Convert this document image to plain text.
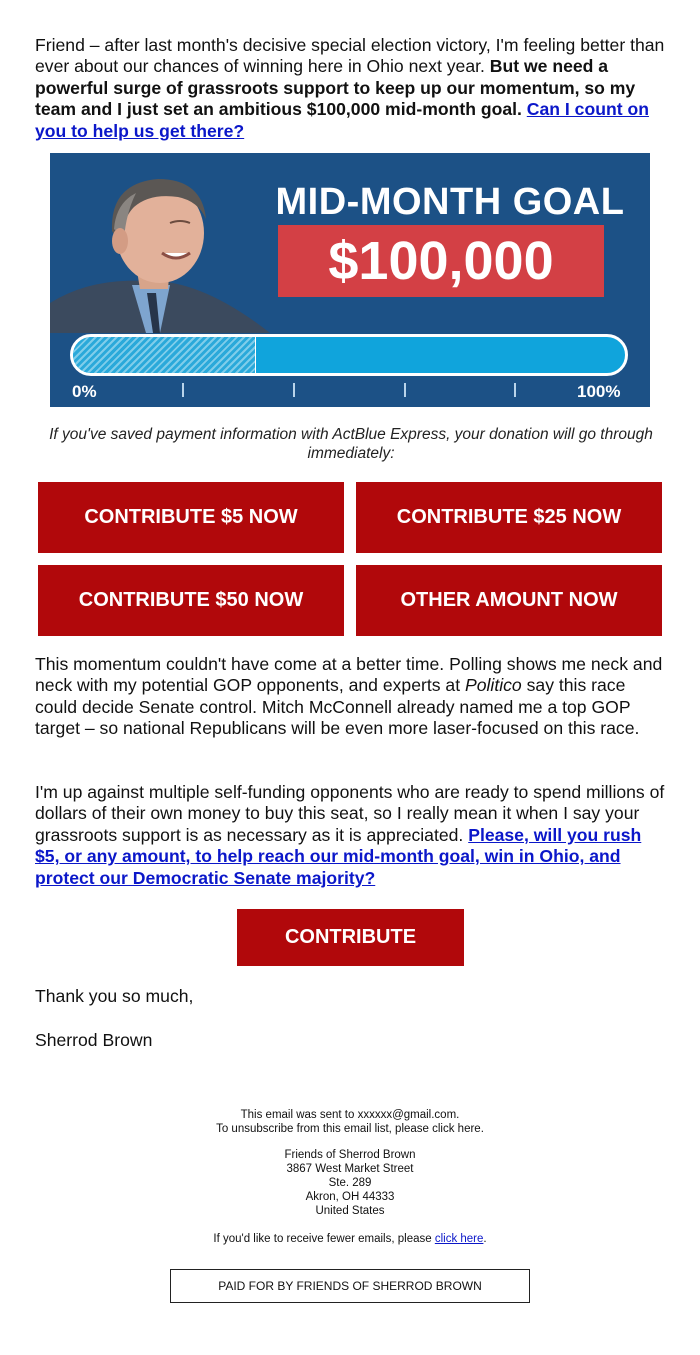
Friend – after last month's decisive special election victory, I'm feeling better than ever about our chances of winning here in Ohio next year. But we need a powerful surge of grassroots support to keep up our momentum, so my team and I just set an ambitious $100,000 mid-month goal. Can I count on you to help us get there?

MID-MONTH GOAL
$100,000
0%	100%
If you've saved payment information with ActBlue Express, your donation will go through immediately:
CONTRIBUTE $5 NOW	CONTRIBUTE $25 NOW
CONTRIBUTE $50 NOW	OTHER AMOUNT NOW

This momentum couldn't have come at a better time. Polling shows me neck and neck with my potential GOP opponents, and experts at Politico say this race could decide Senate control. Mitch McConnell already named me a top GOP target – so national Republicans will be even more laser-focused on this race.

I'm up against multiple self-funding opponents who are ready to spend millions of dollars of their own money to buy this seat, so I really mean it when I say your grassroots support is as necessary as it is appreciated. Please, will you rush $5, or any amount, to help reach our mid-month goal, win in Ohio, and protect our Democratic Senate majority?

CONTRIBUTE

Thank you so much,

Sherrod Brown

This email was sent to xxxxxx@gmail.com.
To unsubscribe from this email list, please click here.
Friends of Sherrod Brown
3867 West Market Street
Ste. 289
Akron, OH 44333
United States
If you'd like to receive fewer emails, please click here.
PAID FOR BY FRIENDS OF SHERROD BROWN
